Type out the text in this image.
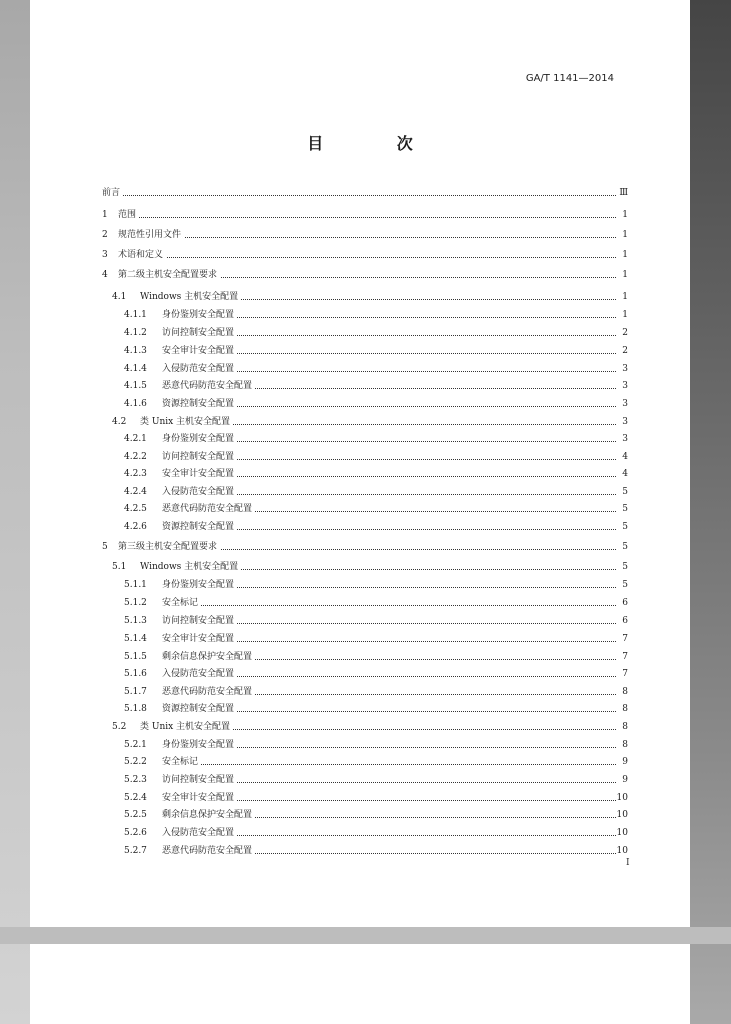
GA/T 1141—2014
目 次
前言	Ⅲ
1 范围	1
2 规范性引用文件	1
3 术语和定义	1
4 第二级主机安全配置要求	1
4.1 Windows 主机安全配置	1
4.1.1 身份鉴别安全配置	1
4.1.2 访问控制安全配置	2
4.1.3 安全审计安全配置	2
4.1.4 入侵防范安全配置	3
4.1.5 恶意代码防范安全配置	3
4.1.6 资源控制安全配置	3
4.2 类 Unix 主机安全配置	3
4.2.1 身份鉴别安全配置	3
4.2.2 访问控制安全配置	4
4.2.3 安全审计安全配置	4
4.2.4 入侵防范安全配置	5
4.2.5 恶意代码防范安全配置	5
4.2.6 资源控制安全配置	5
5 第三级主机安全配置要求	5
5.1 Windows 主机安全配置	5
5.1.1 身份鉴别安全配置	5
5.1.2 安全标记	6
5.1.3 访问控制安全配置	6
5.1.4 安全审计安全配置	7
5.1.5 剩余信息保护安全配置	7
5.1.6 入侵防范安全配置	7
5.1.7 恶意代码防范安全配置	8
5.1.8 资源控制安全配置	8
5.2 类 Unix 主机安全配置	8
5.2.1 身份鉴别安全配置	8
5.2.2 安全标记	9
5.2.3 访问控制安全配置	9
5.2.4 安全审计安全配置	10
5.2.5 剩余信息保护安全配置	10
5.2.6 入侵防范安全配置	10
5.2.7 恶意代码防范安全配置	10
I
